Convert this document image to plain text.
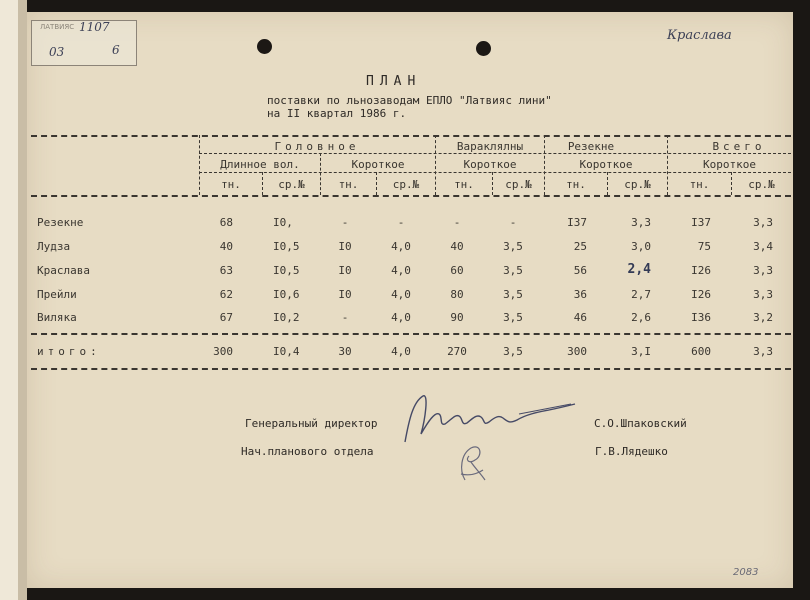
ЛАТВИЯС 1107
03	6
Краслава
ПЛАН
поставки по льнозаводам ЕПЛО "Латвияс лини"
на II квартал 1986 г.
Головное	Вараклялны	Резекне	Всего
Длинное вол.	Короткое	Короткое	Короткое	Короткое
тн.	ср.№	тн.	ср.№	тн.	ср.№	тн.	ср.№	тн.	ср.№
Резекне	68	I0,	-	-	-	-	I37	3,3	I37	3,3
Лудза	40	I0,5	I0	4,0	40	3,5	25	3,0	75	3,4
Краслава	63	I0,5	I0	4,0	60	3,5	56	2,4	I26	3,3
Прейли	62	I0,6	I0	4,0	80	3,5	36	2,7	I26	3,3
Виляка	67	I0,2	-	4,0	90	3,5	46	2,6	I36	3,2
итого:	300	I0,4	30	4,0	270	3,5	300	3,I	600	3,3
Генеральный директор	С.О.Шпаковский
Нач.планового отдела	Г.В.Лядешко
2083
